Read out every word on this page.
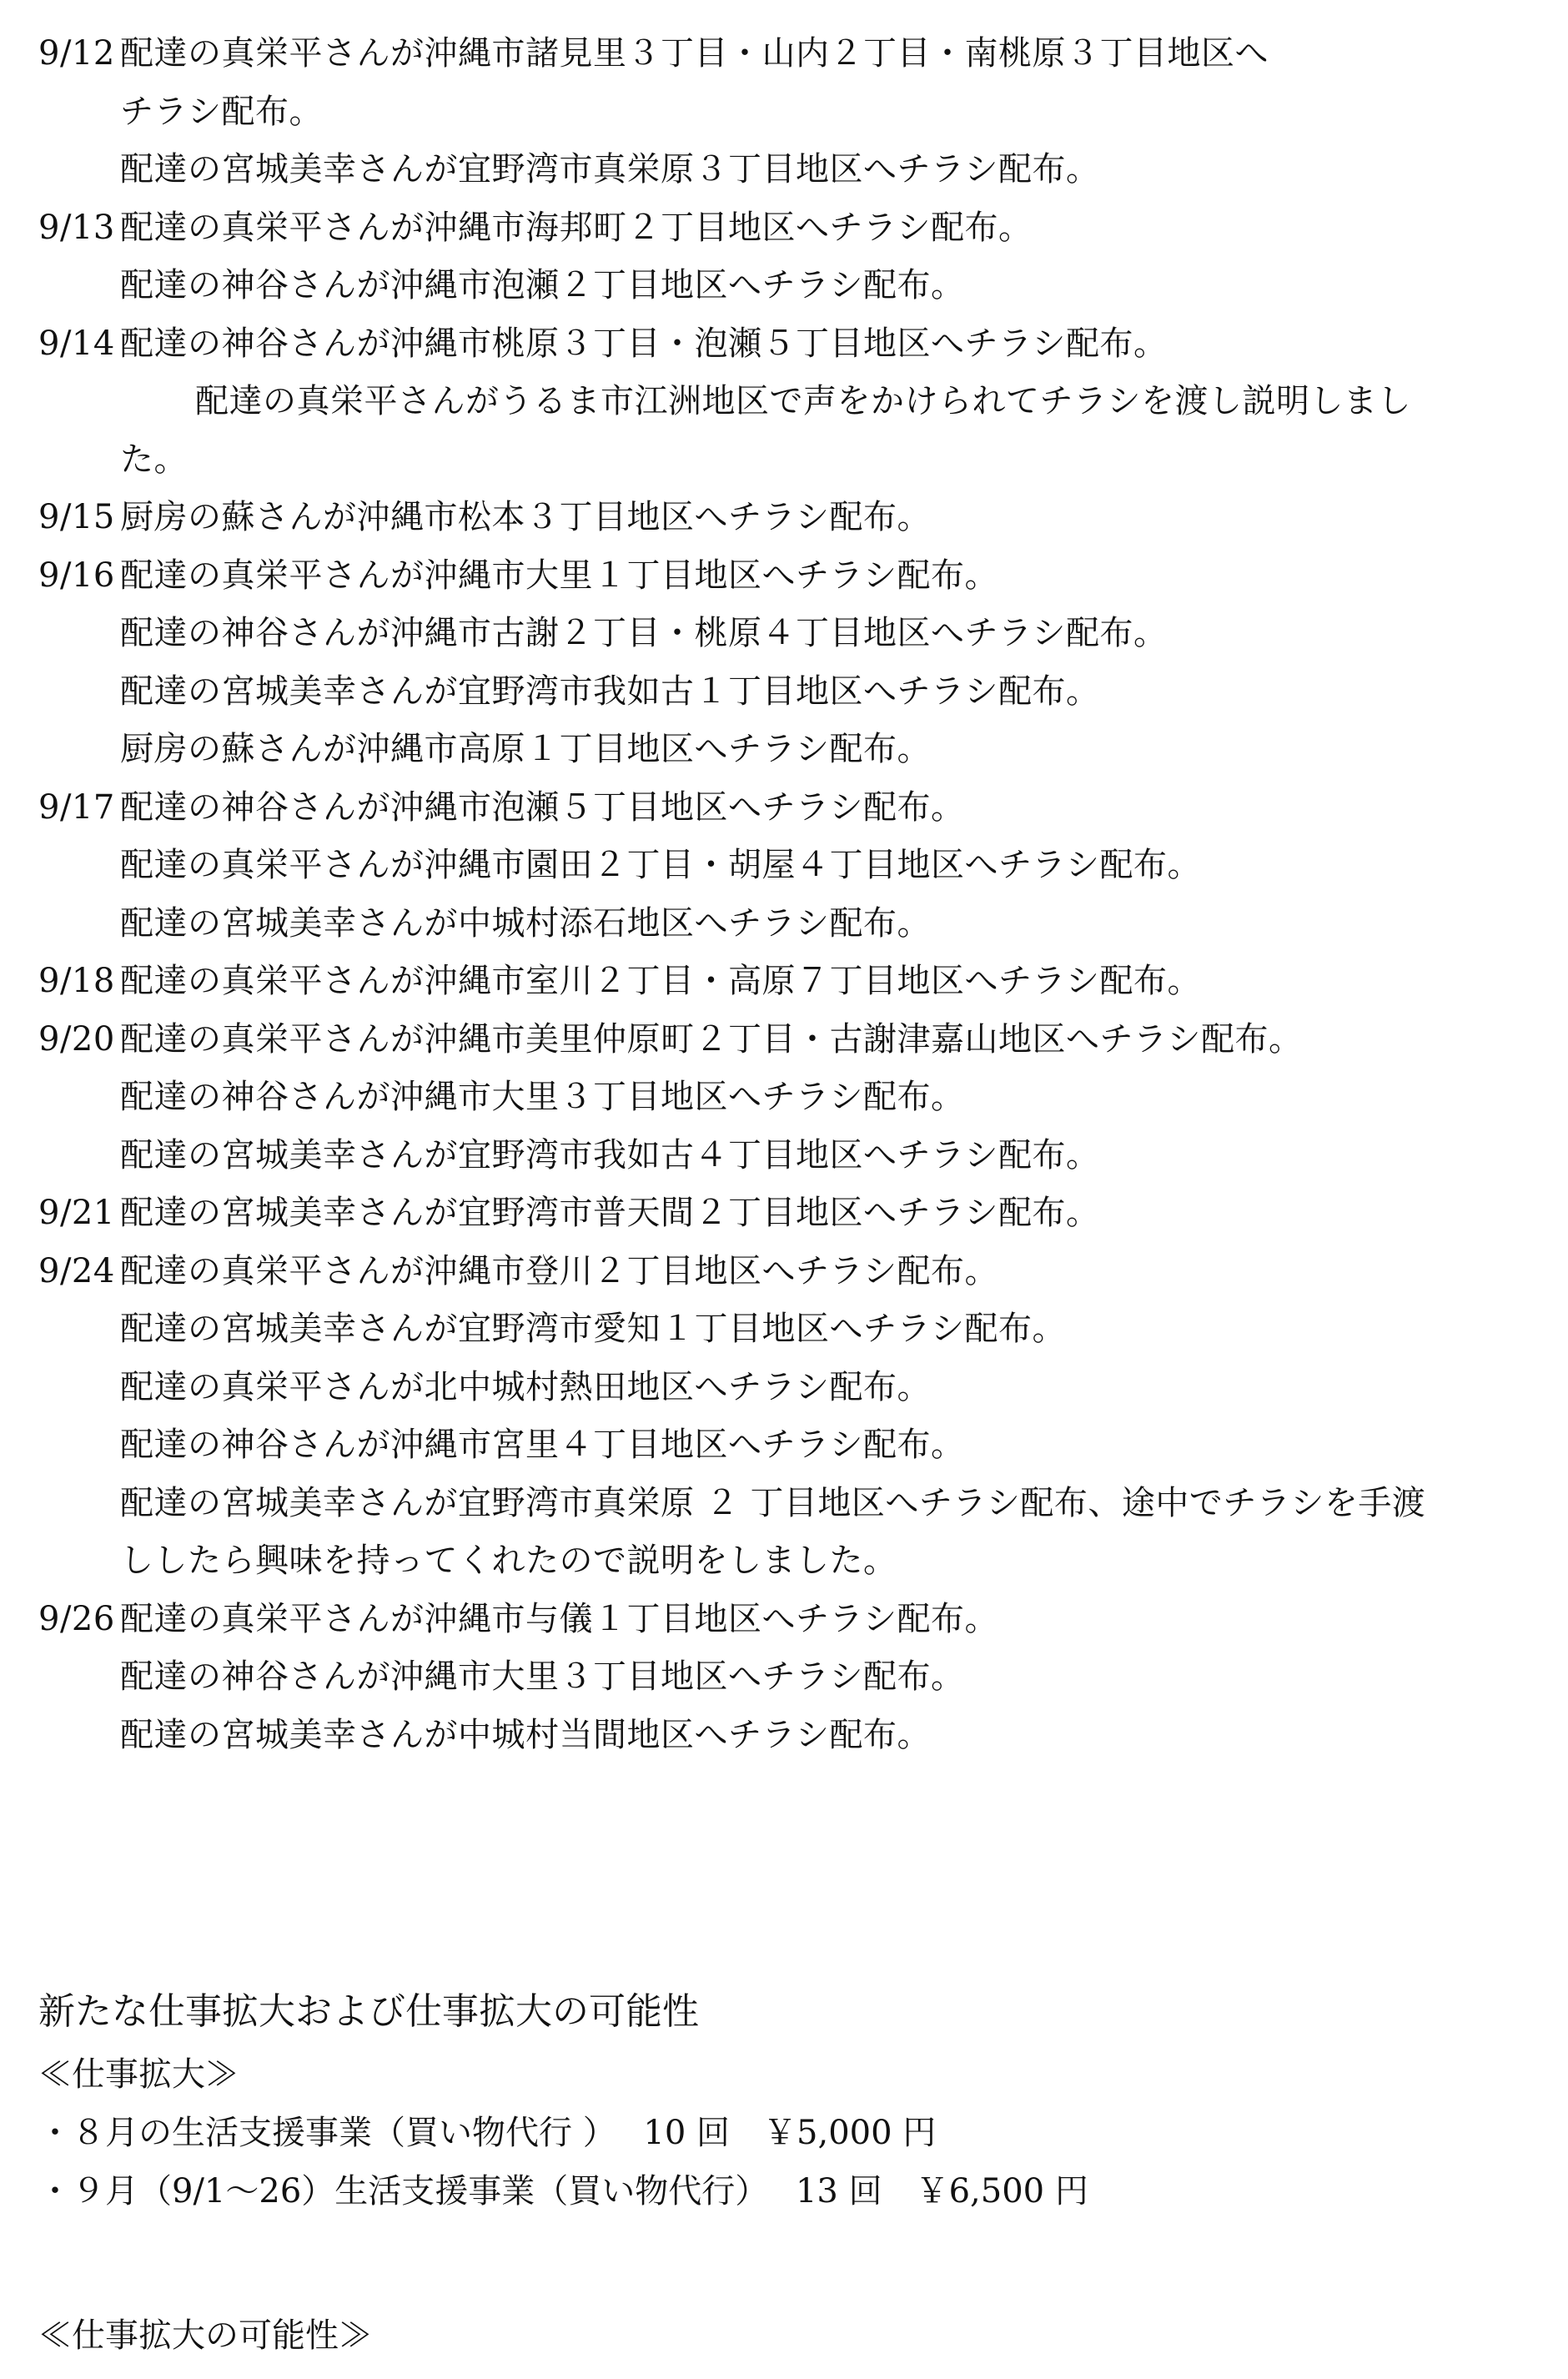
9/12 配達の真栄平さんが沖縄市諸見里３丁目・山内２丁目・南桃原３丁目地区へ
チラシ配布。
配達の宮城美幸さんが宜野湾市真栄原３丁目地区へチラシ配布。
9/13 配達の真栄平さんが沖縄市海邦町２丁目地区へチラシ配布。
配達の神谷さんが沖縄市泡瀬２丁目地区へチラシ配布。
9/14 配達の神谷さんが沖縄市桃原３丁目・泡瀬５丁目地区へチラシ配布。
配達の真栄平さんがうるま市江洲地区で声をかけられてチラシを渡し説明しまし
た。
9/15 厨房の蘇さんが沖縄市松本３丁目地区へチラシ配布。
9/16 配達の真栄平さんが沖縄市大里１丁目地区へチラシ配布。
配達の神谷さんが沖縄市古謝２丁目・桃原４丁目地区へチラシ配布。
配達の宮城美幸さんが宜野湾市我如古１丁目地区へチラシ配布。
厨房の蘇さんが沖縄市高原１丁目地区へチラシ配布。
9/17 配達の神谷さんが沖縄市泡瀬５丁目地区へチラシ配布。
配達の真栄平さんが沖縄市園田２丁目・胡屋４丁目地区へチラシ配布。
配達の宮城美幸さんが中城村添石地区へチラシ配布。
9/18 配達の真栄平さんが沖縄市室川２丁目・高原７丁目地区へチラシ配布。
9/20 配達の真栄平さんが沖縄市美里仲原町２丁目・古謝津嘉山地区へチラシ配布。
配達の神谷さんが沖縄市大里３丁目地区へチラシ配布。
配達の宮城美幸さんが宜野湾市我如古４丁目地区へチラシ配布。
9/21 配達の宮城美幸さんが宜野湾市普天間２丁目地区へチラシ配布。
9/24 配達の真栄平さんが沖縄市登川２丁目地区へチラシ配布。
配達の宮城美幸さんが宜野湾市愛知１丁目地区へチラシ配布。
配達の真栄平さんが北中城村熱田地区へチラシ配布。
配達の神谷さんが沖縄市宮里４丁目地区へチラシ配布。
配達の宮城美幸さんが宜野湾市真栄原 ２ 丁目地区へチラシ配布、途中でチラシを手渡
ししたら興味を持ってくれたので説明をしました。
9/26 配達の真栄平さんが沖縄市与儀１丁目地区へチラシ配布。
配達の神谷さんが沖縄市大里３丁目地区へチラシ配布。
配達の宮城美幸さんが中城村当間地区へチラシ配布。
新たな仕事拡大および仕事拡大の可能性
≪仕事拡大≫
・８月の生活支援事業（買い物代行 ）　 10 回　￥5,000 円
・９月（9/1～26）生活支援事業（買い物代行）　 13 回　￥6,500 円
≪仕事拡大の可能性≫
